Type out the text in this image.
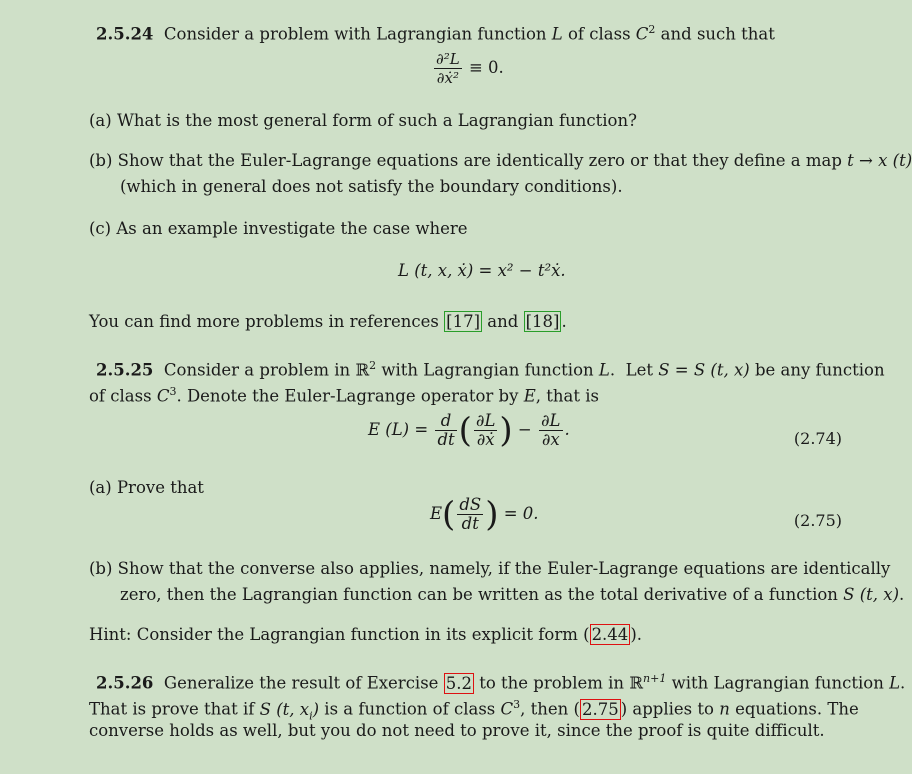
2.5.24 Consider a problem with Lagrangian function L of class $C^2$ and such that
$\frac{\text{∂²L}}{\text{∂ẋ²}} \equiv 0$.
(a) What is the most general form of such a Lagrangian function?
(b) Show that the Euler-Lagrange equations are identically zero or that they define a map t → x (t)
(which in general does not satisfy the boundary conditions).
(c) As an example investigate the case where
L (t, x, ẋ) = x² − t²ẋ.
You can find more problems in references [17] and [18] .
2.5.25 Consider a problem in ℝ$^2$ with Lagrangian function L.  Let S = S (t, x) be any function
of class $C^3$. Denote the Euler-Lagrange operator by E, that is
E $(L) = \frac{d}{dt}$ ( $\frac{\partial L}{\text{∂ẋ}}$ ) − $\frac{\partial L}{\partial x}$ .	(2.74)
(a) Prove that
$E( \frac{dS}{dt}$ ) = 0.	(2.75)
(b) Show that the converse also applies, namely, if the Euler-Lagrange equations are identically
zero, then the Lagrangian function can be written as the total derivative of a function S (t, x).
Hint: Consider the Lagrangian function in its explicit form ( 2.44 ).
2.5.26 Generalize the result of Exercise 5.2 to the problem in ℝ$^{n+1}$ with Lagrangian function L.
That is prove that if S (t, $x_i$) is a function of class $C^3$, then ( 2.75 ) applies to n equations. The
converse holds as well, but you do not need to prove it, since the proof is quite difficult.
